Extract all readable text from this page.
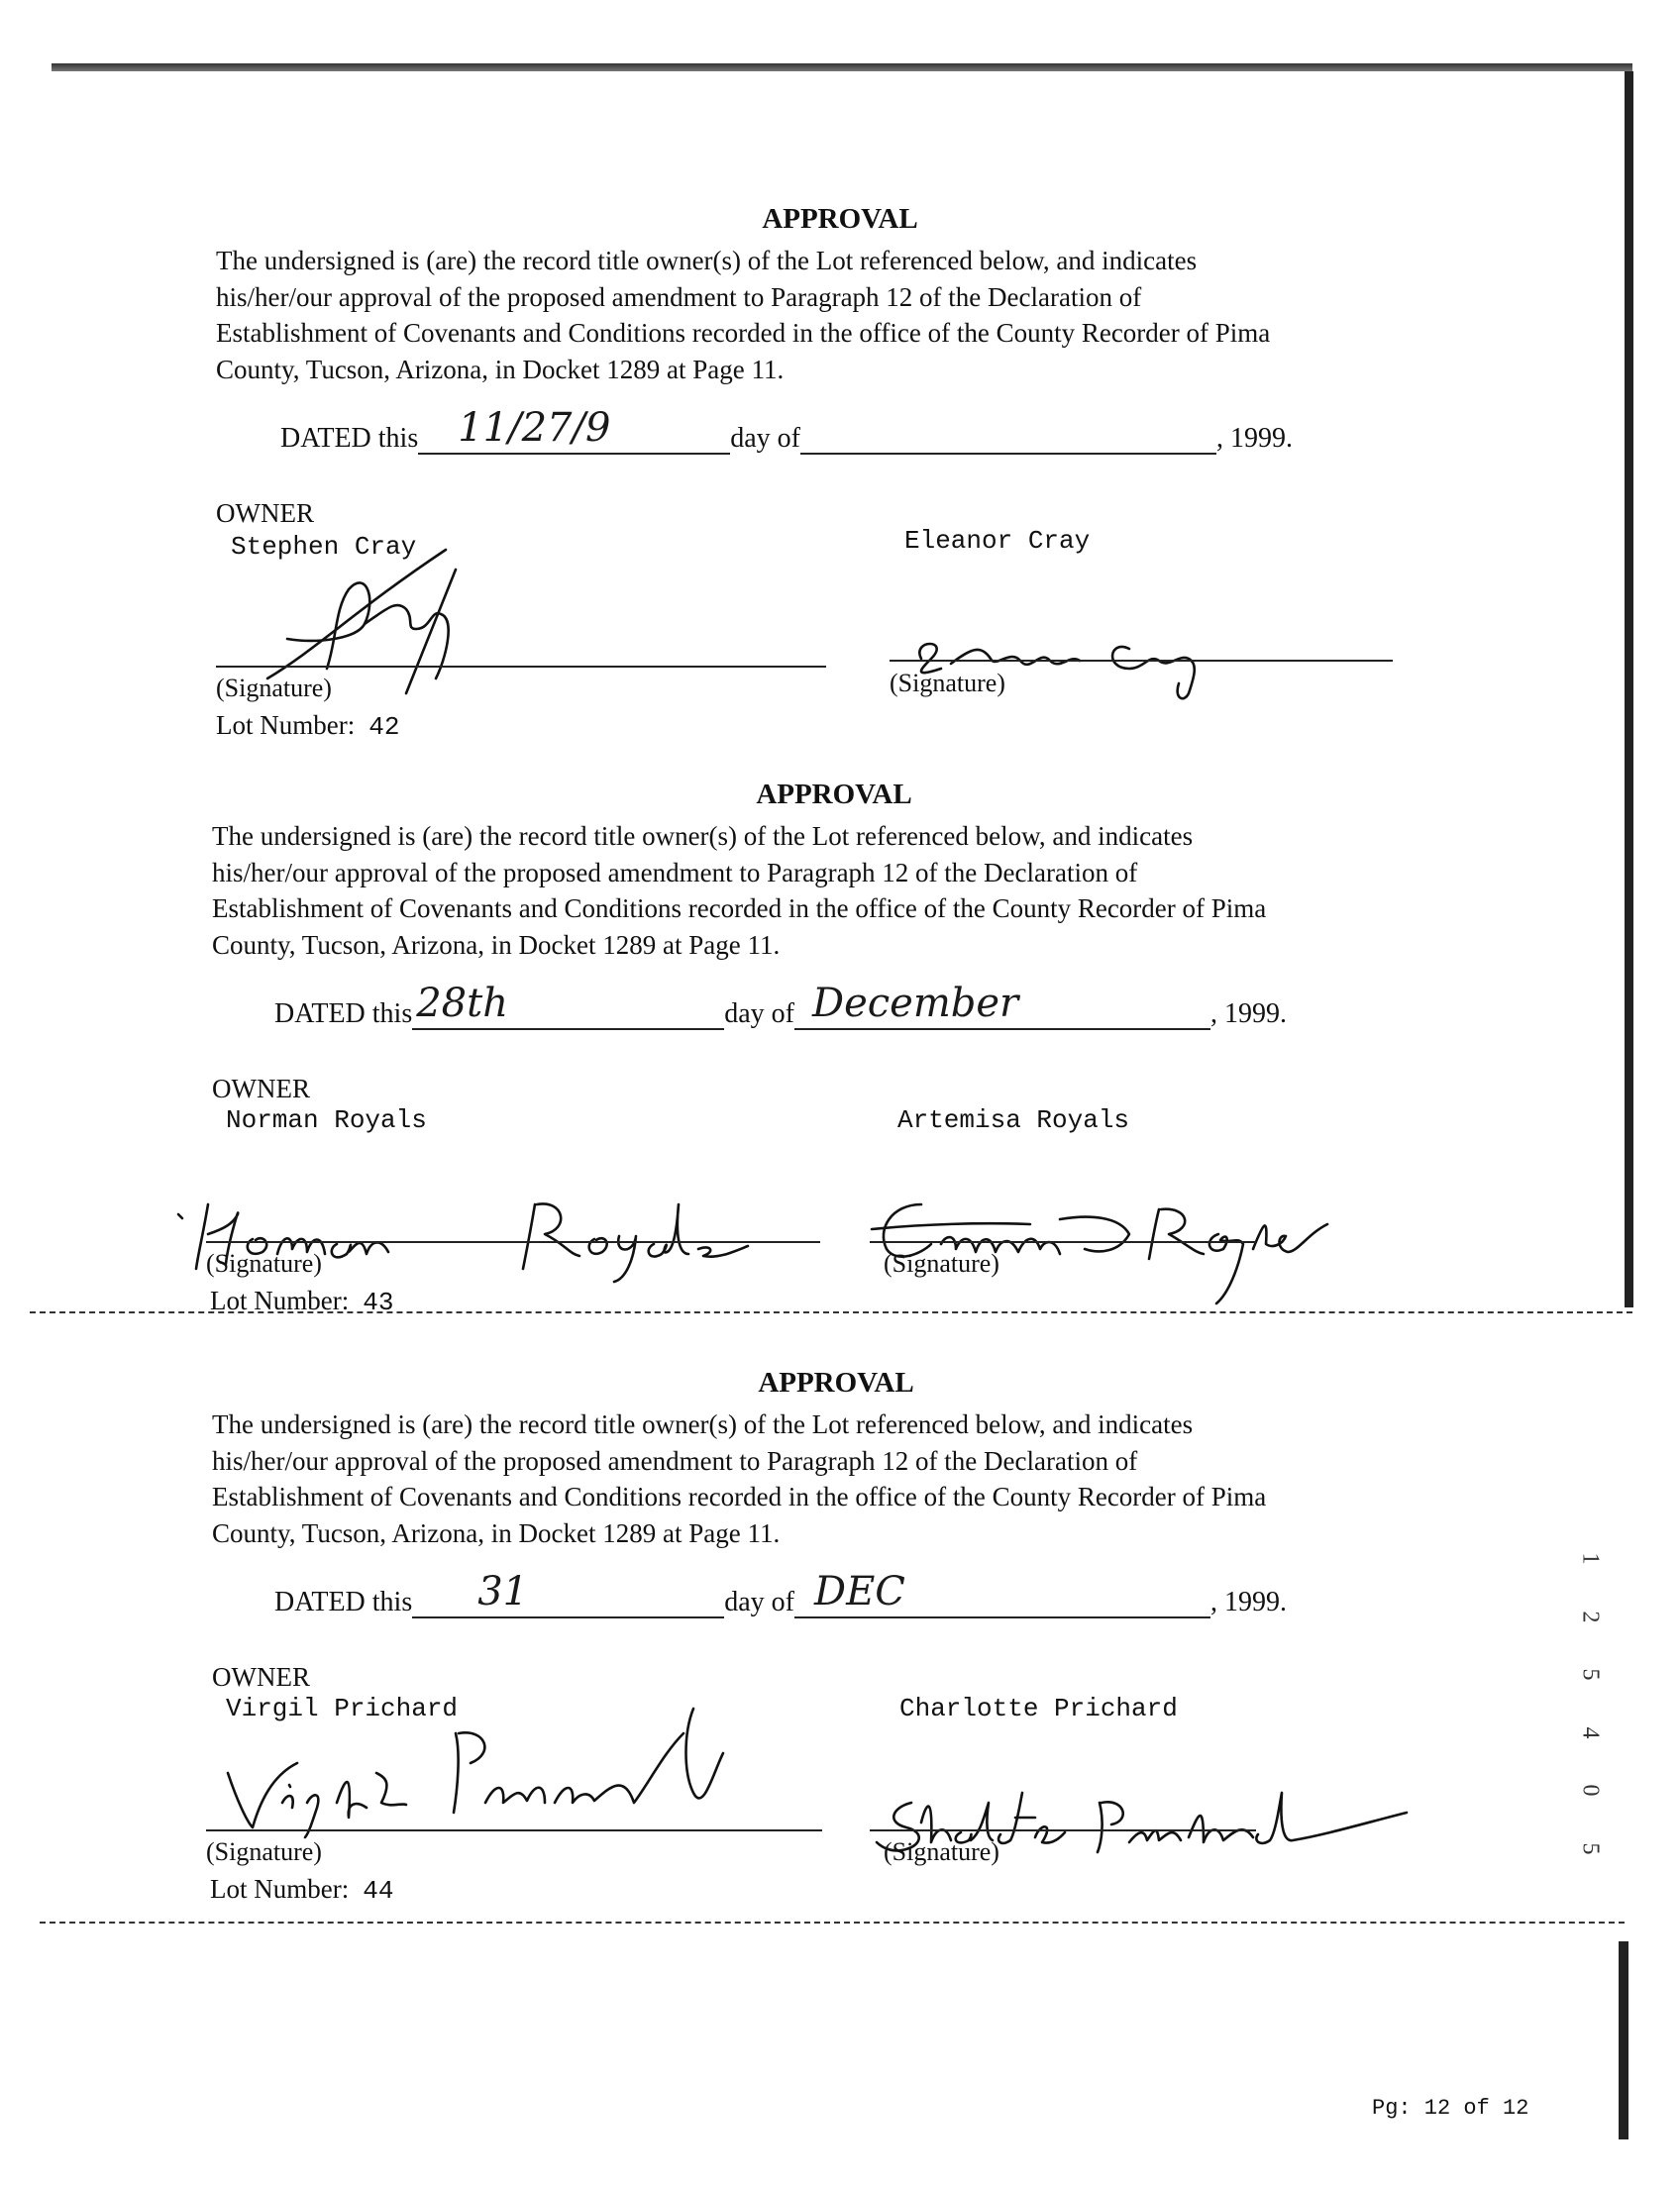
APPROVAL
The undersigned is (are) the record title owner(s) of the Lot referenced below, and indicates
his/her/our approval of the proposed amendment to Paragraph 12 of the Declaration of
Establishment of Covenants and Conditions recorded in the office of the County Recorder of Pima
County, Tucson, Arizona, in Docket 1289 at Page 11.
DATED this 11/27/9	day of	, 1999.
OWNER
Stephen Cray	Eleanor Cray
(Signature)	(Signature)
Lot Number: 42
APPROVAL
The undersigned is (are) the record title owner(s) of the Lot referenced below, and indicates
his/her/our approval of the proposed amendment to Paragraph 12 of the Declaration of
Establishment of Covenants and Conditions recorded in the office of the County Recorder of Pima
County, Tucson, Arizona, in Docket 1289 at Page 11.
DATED this 28th	day of December	, 1999.
OWNER
Norman Royals	Artemisa Royals
(Signature)	(Signature)
Lot Number: 43
APPROVAL
The undersigned is (are) the record title owner(s) of the Lot referenced below, and indicates
his/her/our approval of the proposed amendment to Paragraph 12 of the Declaration of
Establishment of Covenants and Conditions recorded in the office of the County Recorder of Pima
County, Tucson, Arizona, in Docket 1289 at Page 11.
DATED this 31	day of DEC	, 1999.
OWNER
Virgil Prichard	Charlotte Prichard
(Signature)	(Signature)
Lot Number: 44
1
2
5
4
0
5
Pg: 12 of 12
